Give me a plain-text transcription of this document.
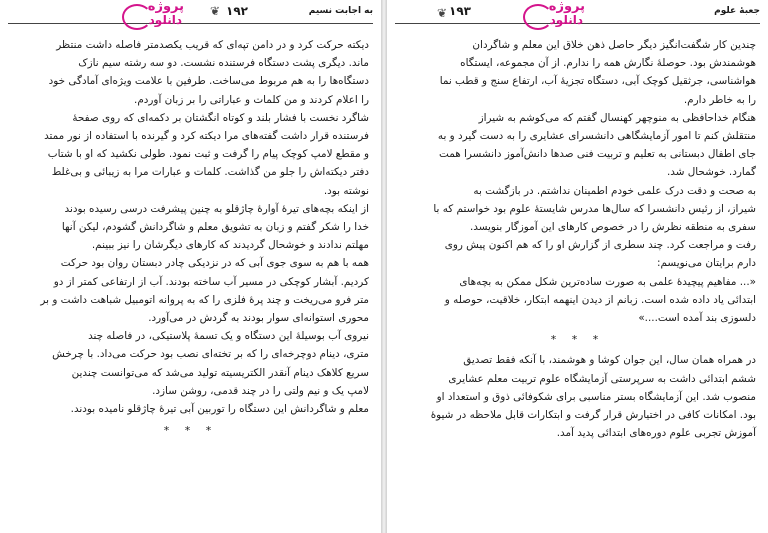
به اجابت نسیم
۱۹۲
❦
پروژه
دانلود

دیکته حرکت کرد و در دامن تپه‌ای که قریب یکصدمتر فاصله داشت منتظر

ماند. دیگری پشت دستگاه فرستنده نشست. دو سه رشته سیم نازک

دستگاه‌ها را به هم مربوط می‌ساخت. طرفین با علامت ویژه‌ای آمادگی خود

را اعلام کردند و من کلمات و عباراتی را بر زبان آوردم.

شاگرد نخست با فشار بلند و کوتاه انگشتان بر دکمه‌ای که روی صفحهٔ

فرستنده قرار داشت گفته‌های مرا دیکته کرد و گیرنده با استفاده از نور ممتد

و مقطع لامپ کوچک پیام را گرفت و ثبت نمود. طولی نکشید که او با شتاب

دفتر دیکته‌اش را جلو من گذاشت. کلمات و عبارات مرا به زیبائی و بی‌غلط

نوشته بود.

از اینکه بچه‌های تیرهٔ آوارهٔ چاژقلو به چنین پیشرفت درسی رسیده بودند

خدا را شکر گفتم و زبان به تشویق معلم و شاگردانش گشودم، لیکن آنها

مهلتم ندادند و خوشحال گردیدند که کارهای دیگرشان را نیز ببینم.

همه با هم به سوی جوی آبی که در نزدیکی چادر دبستان روان بود حرکت

کردیم. آبشار کوچکی در مسیر آب ساخته بودند. آب از ارتفاعی کمتر از دو

متر فرو می‌ریخت و چند پرهٔ فلزی را که به پروانه اتومبیل شباهت داشت و بر

محوری استوانه‌ای سوار بودند به گردش در می‌آورد.

نیروی آب بوسیلهٔ این دستگاه و یک تسمهٔ پلاستیکی، در فاصله چند

متری، دینام دوچرخه‌ای را که بر تخته‌ای نصب بود حرکت می‌داد. با چرخش

سریع کلاهک دینام آنقدر الکتریسیته تولید می‌شد که می‌توانست چندین

لامپ یک و نیم ولتی را در چند قدمی، روشن سازد.

معلم و شاگردانش این دستگاه را توربین آبی تیرهٔ چاژقلو نامیده بودند.

* * *
❦ ۱۹۳	جعبهٔ علوم
پروژه
دانلود

چندین کار شگفت‌انگیز دیگر حاصل ذهن خلاق این معلم و شاگردان

هوشمندش بود. حوصلهٔ نگارش همه را ندارم. از آن مجموعه، ایستگاه

هواشناسی، جرثقیل کوچک آبی، دستگاه تجزیهٔ آب، ارتفاع سنج و قطب نما

را به خاطر دارم.

هنگام خداحافظی به منوچهر کهنسال گفتم که می‌کوشم به شیراز

منتقلش کنم تا امور آزمایشگاهی دانشسرای عشایری را به دست گیرد و به

جای اطفال دبستانی به تعلیم و تربیت فنی صدها دانش‌آموز دانشسرا همت

گمارد. خوشحال شد.

به صحت و دقت درک علمی خودم اطمینان نداشتم. در بازگشت به

شیراز، از رئیس دانشسرا که سال‌ها مدرس شایستهٔ علوم بود خواستم که با

سفری به منطقه نظرش را در خصوص کارهای این آموزگار بنویسد.

رفت و مراجعت کرد. چند سطری از گزارش او را که هم اکنون پیش روی

دارم برایتان می‌نویسم:

«... مفاهیم پیچیدهٔ علمی به صورت ساده‌ترین شکل ممکن به بچه‌های

ابتدائی یاد داده شده است. زبانم از دیدن اینهمه ابتکار، خلاقیت، حوصله و

دلسوزی بند آمده است....»

* * *

در همراه همان سال، این جوان کوشا و هوشمند، با آنکه فقط تصدیق

ششم ابتدائی داشت به سرپرستی آزمایشگاه علوم تربیت معلم عشایری

منصوب شد. این آزمایشگاه بستر مناسبی برای شکوفائی ذوق و استعداد او

بود. امکانات کافی در اختیارش قرار گرفت و ابتکارات قابل ملاحظه در شیوهٔ

آموزش تجربی علوم دوره‌های ابتدائی پدید آمد.
